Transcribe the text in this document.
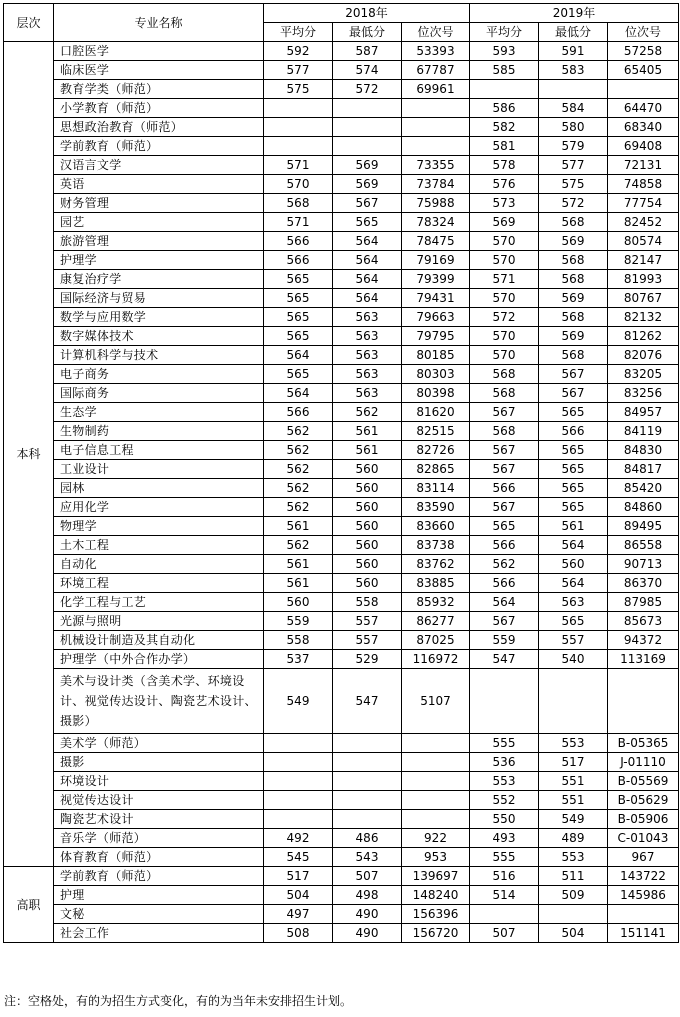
层次	专业名称	2018年			2019年		
		平均分	最低分	位次号	平均分	最低分	位次号
本科	口腔医学	592	587	53393	593	591	57258
	临床医学	577	574	67787	585	583	65405
	教育学类（师范）	575	572	69961			
	小学教育（师范）				586	584	64470
	思想政治教育（师范）				582	580	68340
	学前教育（师范）				581	579	69408
	汉语言文学	571	569	73355	578	577	72131
	英语	570	569	73784	576	575	74858
	财务管理	568	567	75988	573	572	77754
	园艺	571	565	78324	569	568	82452
	旅游管理	566	564	78475	570	569	80574
	护理学	566	564	79169	570	568	82147
	康复治疗学	565	564	79399	571	568	81993
	国际经济与贸易	565	564	79431	570	569	80767
	数学与应用数学	565	563	79663	572	568	82132
	数字媒体技术	565	563	79795	570	569	81262
	计算机科学与技术	564	563	80185	570	568	82076
	电子商务	565	563	80303	568	567	83205
	国际商务	564	563	80398	568	567	83256
	生态学	566	562	81620	567	565	84957
	生物制药	562	561	82515	568	566	84119
	电子信息工程	562	561	82726	567	565	84830
	工业设计	562	560	82865	567	565	84817
	园林	562	560	83114	566	565	85420
	应用化学	562	560	83590	567	565	84860
	物理学	561	560	83660	565	561	89495
	土木工程	562	560	83738	566	564	86558
	自动化	561	560	83762	562	560	90713
	环境工程	561	560	83885	566	564	86370
	化学工程与工艺	560	558	85932	564	563	87985
	光源与照明	559	557	86277	567	565	85673
	机械设计制造及其自动化	558	557	87025	559	557	94372
	护理学（中外合作办学）	537	529	116972	547	540	113169
	美术与设计类（含美术学、环境设计、视觉传达设计、陶瓷艺术设计、摄影）	549	547	5107			
	美术学（师范）				555	553	B-05365
	摄影				536	517	J-01110
	环境设计				553	551	B-05569
	视觉传达设计				552	551	B-05629
	陶瓷艺术设计				550	549	B-05906
	音乐学（师范）	492	486	922	493	489	C-01043
	体育教育（师范）	545	543	953	555	553	967
高职	学前教育（师范）	517	507	139697	516	511	143722
	护理	504	498	148240	514	509	145986
	文秘	497	490	156396			
	社会工作	508	490	156720	507	504	151141
注：空格处，有的为招生方式变化，有的为当年未安排招生计划。
